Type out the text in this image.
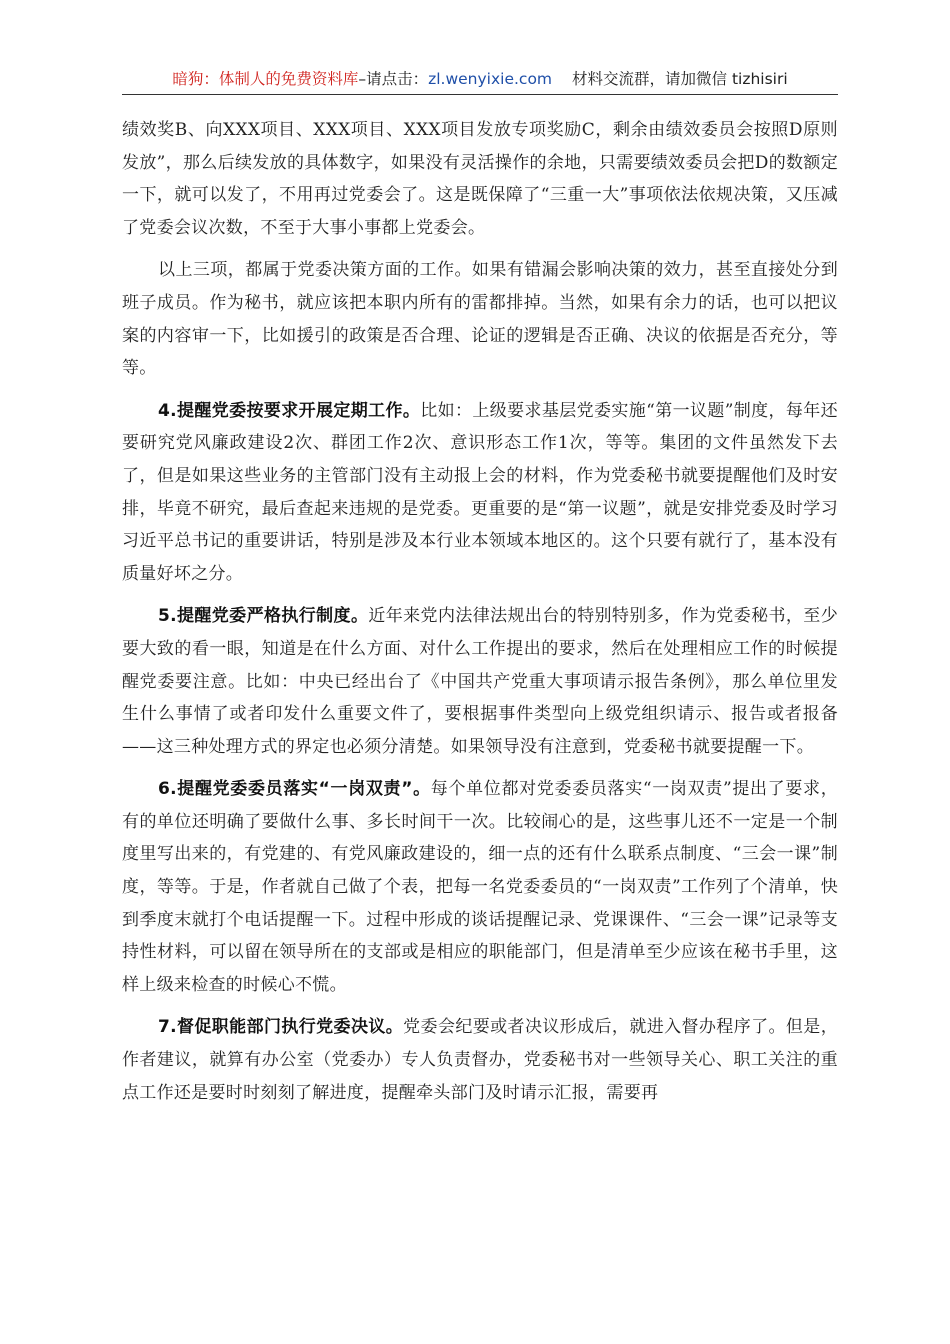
暗狗：体制人的免费资料库–请点击：zl.wenyixie.com 材料交流群，请加微信 tizhisiri

绩效奖B、向XXX项目、XXX项目、XXX项目发放专项奖励C，剩余由绩效委员会按照D原则发放”，那么后续发放的具体数字，如果没有灵活操作的余地，只需要绩效委员会把D的数额定一下，就可以发了，不用再过党委会了。这是既保障了“三重一大”事项依法依规决策，又压减了党委会议次数，不至于大事小事都上党委会。

以上三项，都属于党委决策方面的工作。如果有错漏会影响决策的效力，甚至直接处分到班子成员。作为秘书，就应该把本职内所有的雷都排掉。当然，如果有余力的话，也可以把议案的内容审一下，比如援引的政策是否合理、论证的逻辑是否正确、决议的依据是否充分，等等。

4.提醒党委按要求开展定期工作。比如：上级要求基层党委实施“第一议题”制度，每年还要研究党风廉政建设2次、群团工作2次、意识形态工作1次，等等。集团的文件虽然发下去了，但是如果这些业务的主管部门没有主动报上会的材料，作为党委秘书就要提醒他们及时安排，毕竟不研究，最后查起来违规的是党委。更重要的是“第一议题”，就是安排党委及时学习习近平总书记的重要讲话，特别是涉及本行业本领域本地区的。这个只要有就行了，基本没有质量好坏之分。

5.提醒党委严格执行制度。近年来党内法律法规出台的特别特别多，作为党委秘书，至少要大致的看一眼，知道是在什么方面、对什么工作提出的要求，然后在处理相应工作的时候提醒党委要注意。比如：中央已经出台了《中国共产党重大事项请示报告条例》，那么单位里发生什么事情了或者印发什么重要文件了，要根据事件类型向上级党组织请示、报告或者报备——这三种处理方式的界定也必须分清楚。如果领导没有注意到，党委秘书就要提醒一下。

6.提醒党委委员落实“一岗双责”。每个单位都对党委委员落实“一岗双责”提出了要求，有的单位还明确了要做什么事、多长时间干一次。比较闹心的是，这些事儿还不一定是一个制度里写出来的，有党建的、有党风廉政建设的，细一点的还有什么联系点制度、“三会一课”制度，等等。于是，作者就自己做了个表，把每一名党委委员的“一岗双责”工作列了个清单，快到季度末就打个电话提醒一下。过程中形成的谈话提醒记录、党课课件、“三会一课”记录等支持性材料，可以留在领导所在的支部或是相应的职能部门，但是清单至少应该在秘书手里，这样上级来检查的时候心不慌。

7.督促职能部门执行党委决议。党委会纪要或者决议形成后，就进入督办程序了。但是，作者建议，就算有办公室（党委办）专人负责督办，党委秘书对一些领导关心、职工关注的重点工作还是要时时刻刻了解进度，提醒牵头部门及时请示汇报，需要再
